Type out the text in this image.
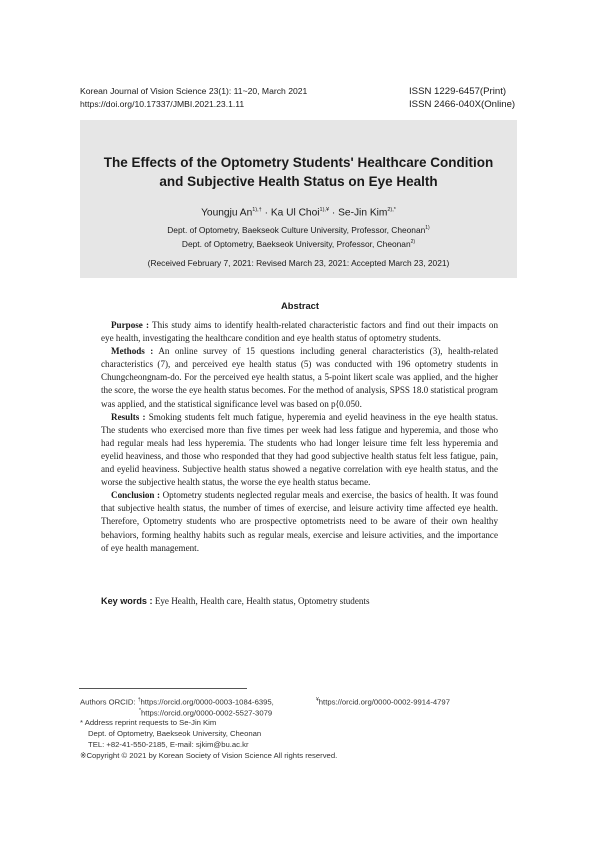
Korean Journal of Vision Science 23(1): 11~20, March 2021
https://doi.org/10.17337/JMBI.2021.23.1.11
ISSN 1229-6457(Print)
ISSN 2466-040X(Online)
The Effects of the Optometry Students' Healthcare Condition
and Subjective Health Status on Eye Health
Youngju $An^{1),\dagger} \cdot Ka$ Ul Choi$^{1),¥}$ · Se-Jin Kim$^{2),*}$
Dept. of Optometry, Baekseok Culture University, Professor, Cheonan$^{1)}$
Dept. of Optometry, Baekseok University, Professor, Cheonan$^{2)}$
(Received February 7, 2021: Revised March 23, 2021: Accepted March 23, 2021)
Abstract

Purpose : This study aims to identify health-related characteristic factors and find out their impacts on eye health, investigating the healthcare condition and eye health status of optometry students.

Methods : An online survey of 15 questions including general characteristics (3), health-related characteristics (7), and perceived eye health status (5) was conducted with 196 optometry students in Chungcheongnam-do. For the perceived eye health status, a 5-point likert scale was applied, and the higher the score, the worse the eye health status becomes. For the method of analysis, SPSS 18.0 statistical program was applied, and the statistical significance level was based on p⟨0.050.

Results : Smoking students felt much fatigue, hyperemia and eyelid heaviness in the eye health status. The students who exercised more than five times per week had less fatigue and hyperemia, and those who had regular meals had less hyperemia. The students who had longer leisure time felt less hyperemia and eyelid heaviness, and those who responded that they had good subjective health status felt less fatigue, pain, and eyelid heaviness. Subjective health status showed a negative correlation with eye health status, and the worse the subjective health status, the worse the eye health status became.

Conclusion : Optometry students neglected regular meals and exercise, the basics of health. It was found that subjective health status, the number of times of exercise, and leisure activity time affected eye health. Therefore, Optometry students who are prospective optometrists need to be aware of their own healthy behaviors, forming healthy habits such as regular meals, exercise and leisure activities, and the importance of eye health management.

Key words : Eye Health, Health care, Health status, Optometry students
Authors ORCID: †https://orcid.org/0000-0003-1084-6395,	¥https://orcid.org/0000-0002-9914-4797
*https://orcid.org/0000-0002-5527-3079
* Address reprint requests to Se-Jin Kim
Dept. of Optometry, Baekseok University, Cheonan
TEL: +82-41-550-2185, E-mail: sjkim@bu.ac.kr
※Copyright © 2021 by Korean Society of Vision Science All rights reserved.
